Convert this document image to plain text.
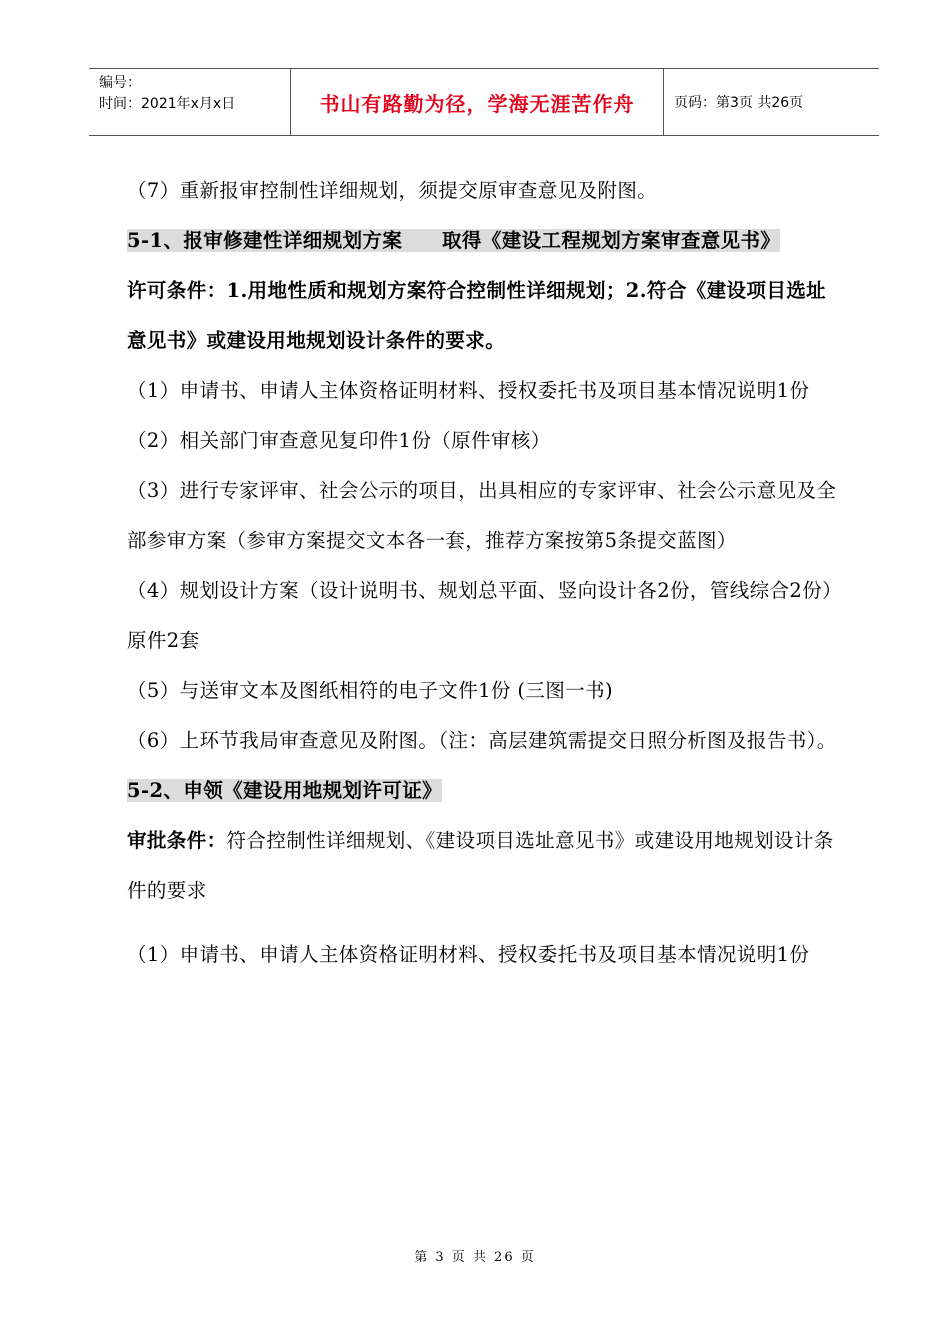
编号：
时间：2021年x月x日	书山有路勤为径，学海无涯苦作舟	页码：第3页 共26页

（7）重新报审控制性详细规划，须提交原审查意见及附图。

5-1、报审修建性详细规划方案　　取得《建设工程规划方案审查意见书》

许可条件：1.用地性质和规划方案符合控制性详细规划；2.符合《建设项目选址意见书》或建设用地规划设计条件的要求。

（1）申请书、申请人主体资格证明材料、授权委托书及项目基本情况说明1份

（2）相关部门审查意见复印件1份（原件审核）

（3）进行专家评审、社会公示的项目，出具相应的专家评审、社会公示意见及全部参审方案（参审方案提交文本各一套，推荐方案按第5条提交蓝图）

（4）规划设计方案（设计说明书、规划总平面、竖向设计各2份，管线综合2份）原件2套

（5）与送审文本及图纸相符的电子文件1份 (三图一书)

（6）上环节我局审查意见及附图。（注：高层建筑需提交日照分析图及报告书）。

5-2、申领《建设用地规划许可证》

审批条件：符合控制性详细规划、《建设项目选址意见书》或建设用地规划设计条件的要求

（1）申请书、申请人主体资格证明材料、授权委托书及项目基本情况说明1份

第 3 页 共 26 页
